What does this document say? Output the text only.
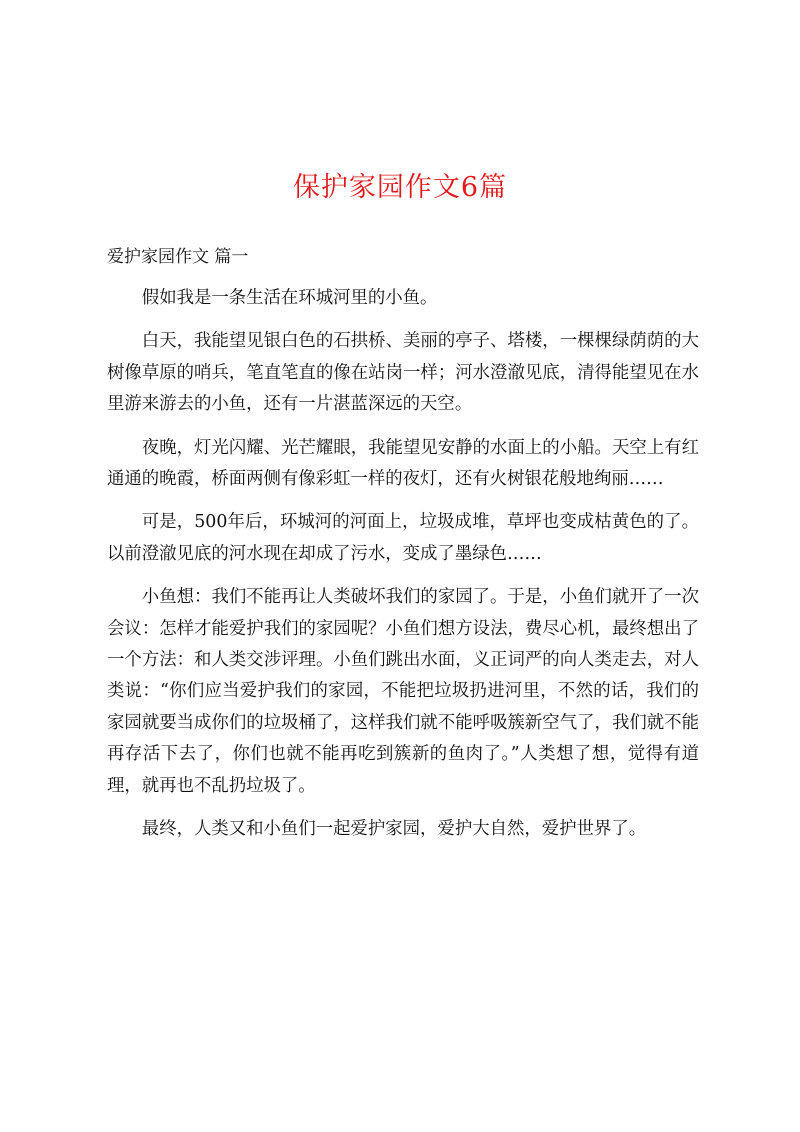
保护家园作文6篇
爱护家园作文 篇一

假如我是一条生活在环城河里的小鱼。

白天，我能望见银白色的石拱桥、美丽的亭子、塔楼，一棵棵绿荫荫的大树像草原的哨兵，笔直笔直的像在站岗一样；河水澄澈见底，清得能望见在水里游来游去的小鱼，还有一片湛蓝深远的天空。

夜晚，灯光闪耀、光芒耀眼，我能望见安静的水面上的小船。天空上有红通通的晚霞，桥面两侧有像彩虹一样的夜灯，还有火树银花般地绚丽……

可是，500年后，环城河的河面上，垃圾成堆，草坪也变成枯黄色的了。以前澄澈见底的河水现在却成了污水，变成了墨绿色……

小鱼想：我们不能再让人类破坏我们的家园了。于是，小鱼们就开了一次会议：怎样才能爱护我们的家园呢？小鱼们想方设法，费尽心机，最终想出了一个方法：和人类交涉评理。小鱼们跳出水面，义正词严的向人类走去，对人类说：“你们应当爱护我们的家园，不能把垃圾扔进河里，不然的话，我们的家园就要当成你们的垃圾桶了，这样我们就不能呼吸簇新空气了，我们就不能再存活下去了，你们也就不能再吃到簇新的鱼肉了。”人类想了想，觉得有道理，就再也不乱扔垃圾了。

最终，人类又和小鱼们一起爱护家园，爱护大自然，爱护世界了。
